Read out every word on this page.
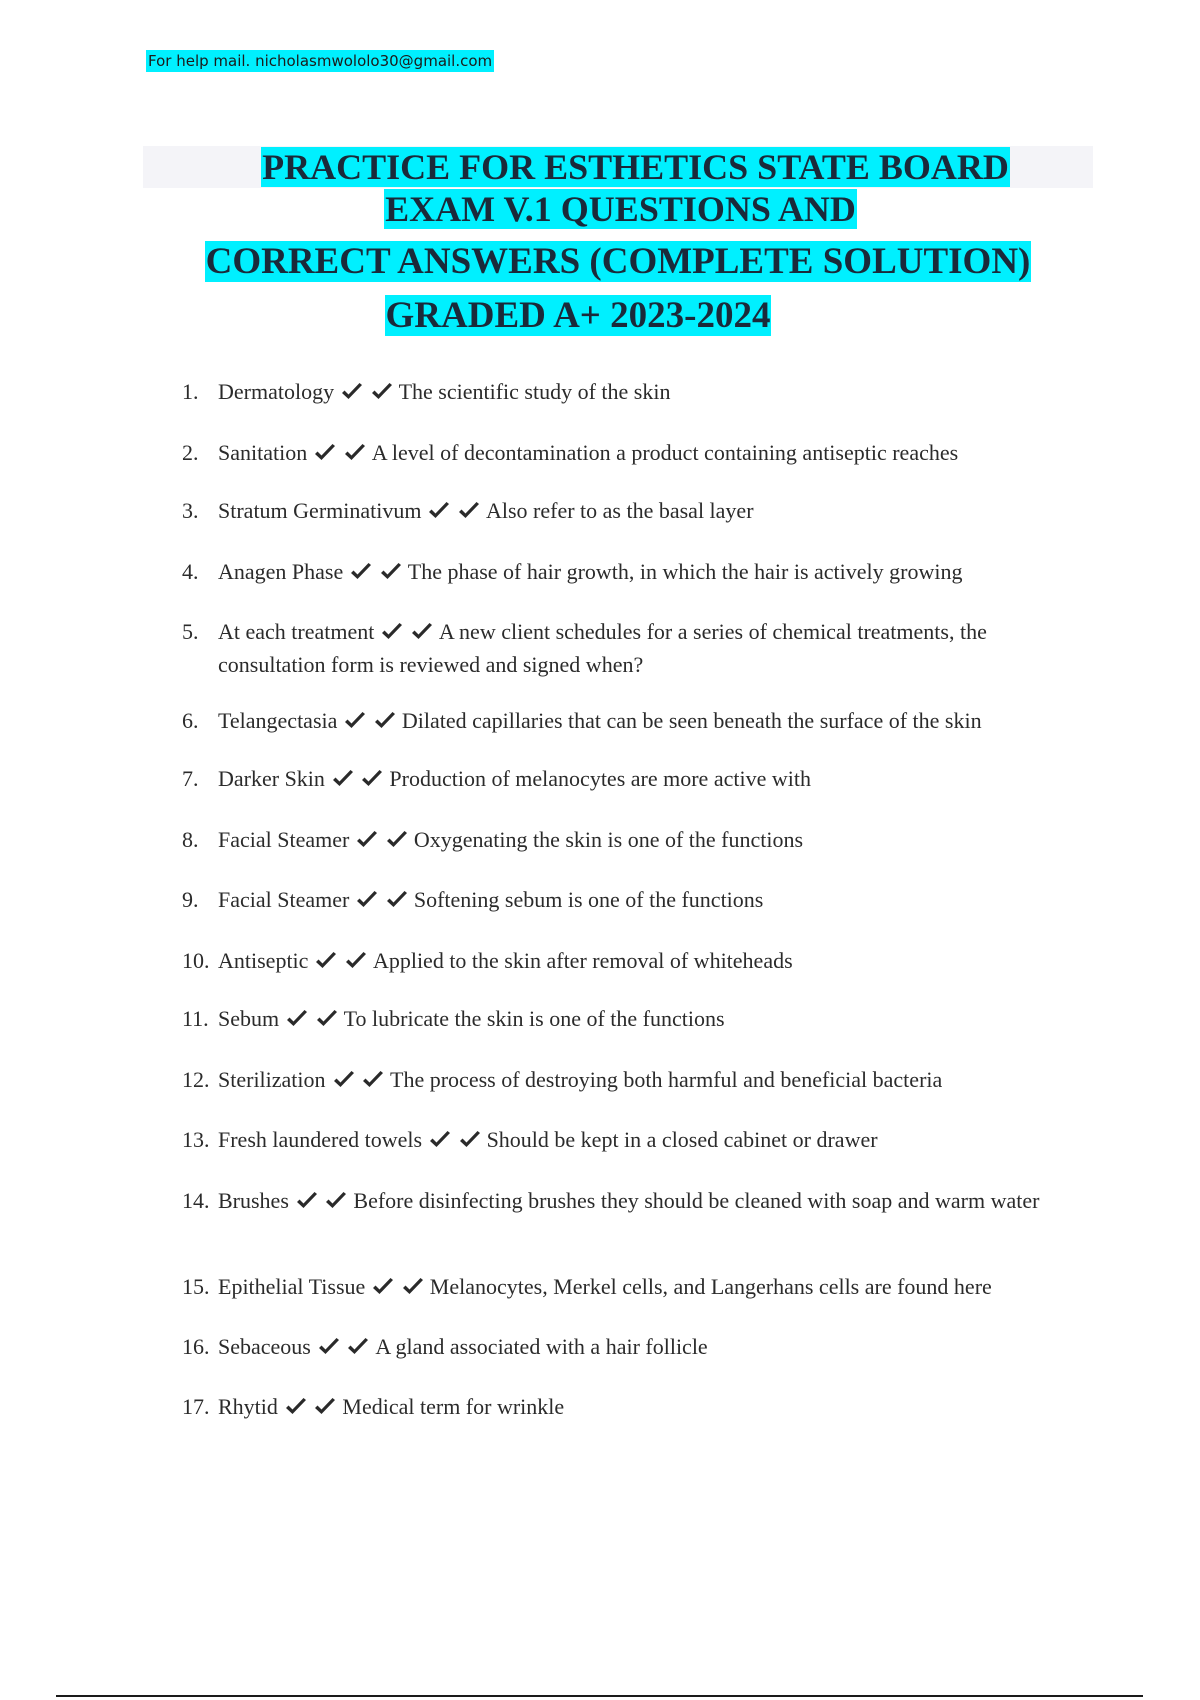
For help mail. nicholasmwololo30@gmail.com
PRACTICE FOR ESTHETICS STATE BOARD
EXAM V.1 QUESTIONS AND
CORRECT ANSWERS (COMPLETE SOLUTION)
GRADED A+ 2023-2024
1. Dermatology	The scientific study of the skin
2. Sanitation	A level of decontamination a product containing antiseptic reaches
3. Stratum Germinativum	Also refer to as the basal layer
4. Anagen Phase	The phase of hair growth, in which the hair is actively growing
5. At each treatment	A new client schedules for a series of chemical treatments, the consultation form is reviewed and signed when?
6. Telangectasia	Dilated capillaries that can be seen beneath the surface of the skin
7. Darker Skin	Production of melanocytes are more active with
8. Facial Steamer	Oxygenating the skin is one of the functions
9. Facial Steamer	Softening sebum is one of the functions
10. Antiseptic	Applied to the skin after removal of whiteheads
11. Sebum	To lubricate the skin is one of the functions
12. Sterilization	The process of destroying both harmful and beneficial bacteria
13. Fresh laundered towels	Should be kept in a closed cabinet or drawer
14. Brushes	Before disinfecting brushes they should be cleaned with soap and warm water
15. Epithelial Tissue	Melanocytes, Merkel cells, and Langerhans cells are found here
16. Sebaceous	A gland associated with a hair follicle
17. Rhytid	Medical term for wrinkle
